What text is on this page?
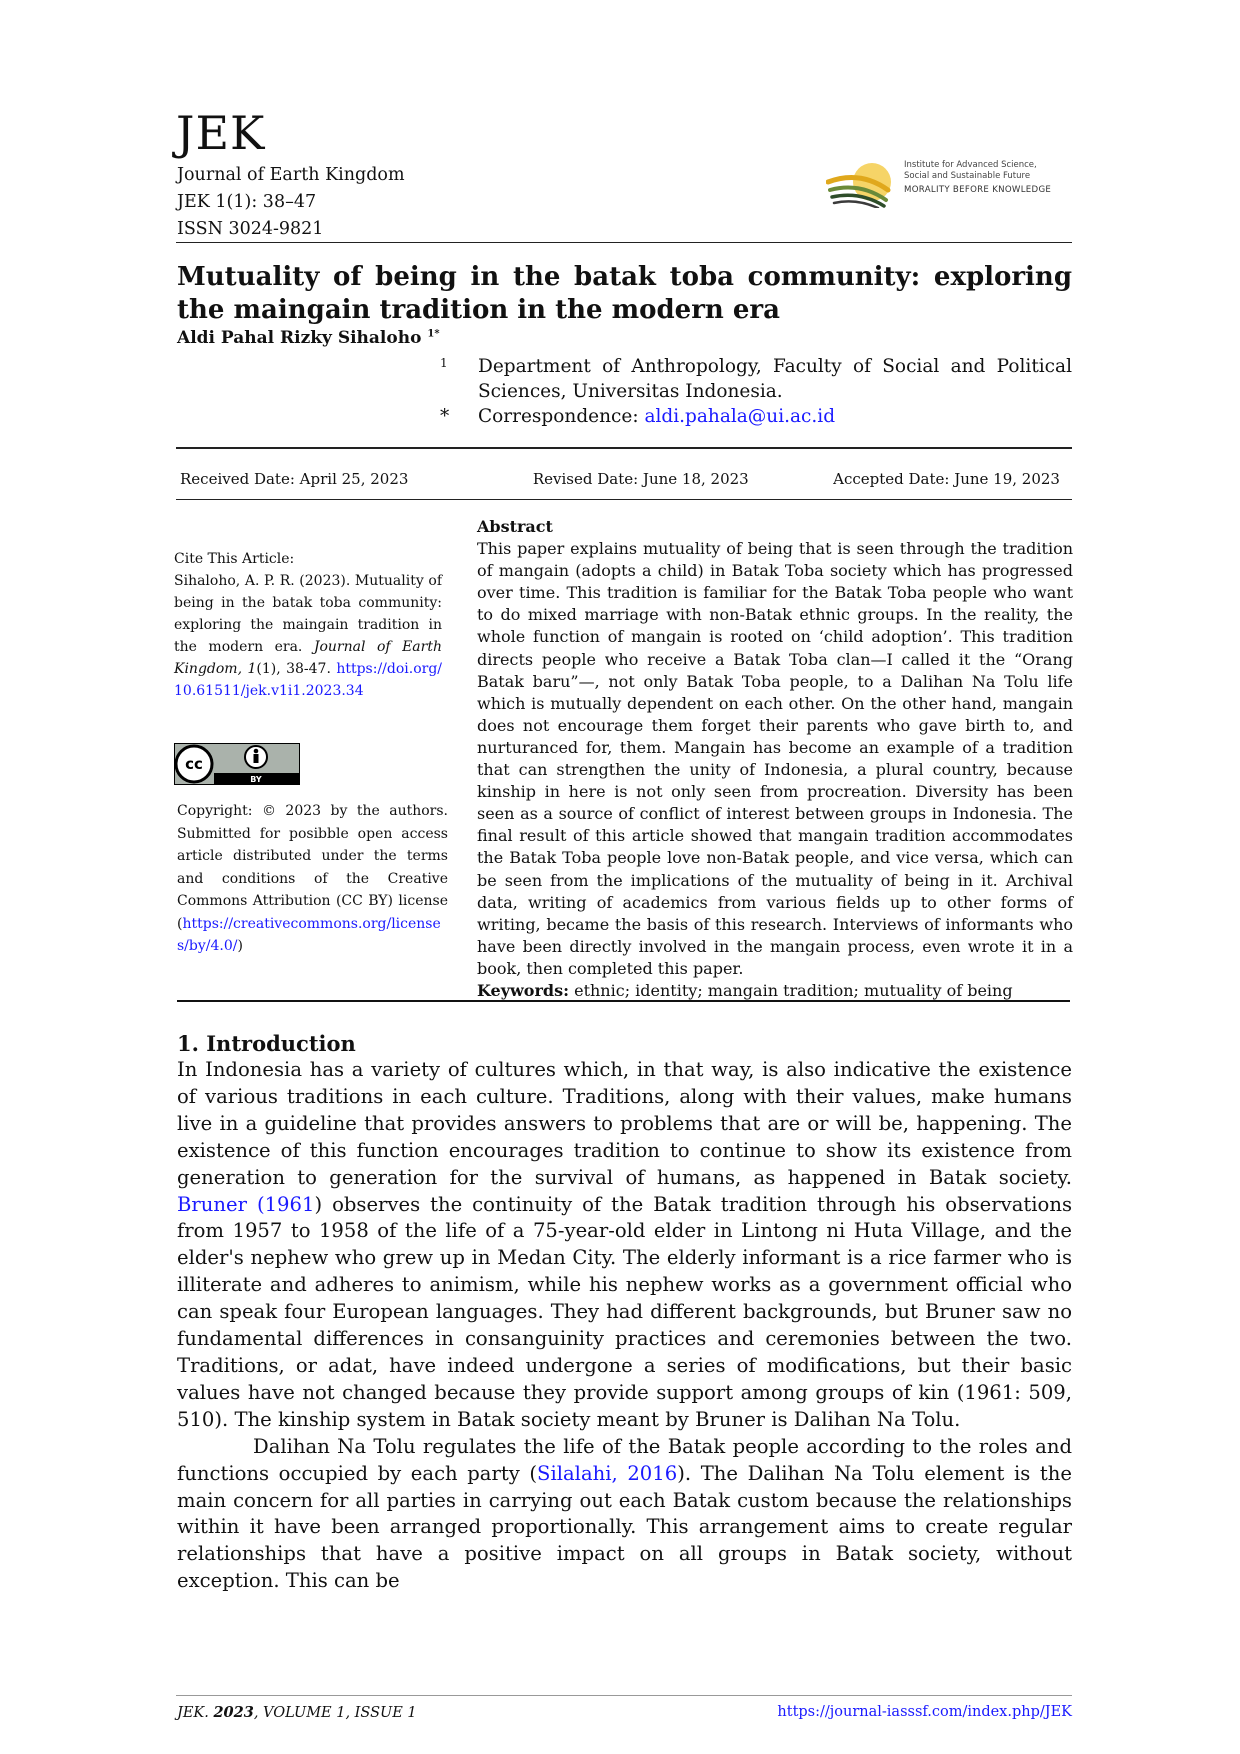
JEK
Journal of Earth Kingdom
JEK 1(1): 38–47
ISSN 3024-9821
Institute for Advanced Science,
Social and Sustainable Future
MORALITY BEFORE KNOWLEDGE
Mutuality of being in the batak toba community: exploring the maingain tradition in the modern era
Aldi Pahal Rizky Sihaloho $^{1*}$
1	Department of Anthropology, Faculty of Social and Political Sciences, Universitas Indonesia.
*	Correspondence: aldi.pahala@ui.ac.id
Received Date: April 25, 2023	Revised Date: June 18, 2023	Accepted Date: June 19, 2023
Cite This Article:
Sihaloho, A. P. R. (2023). Mutuality of being in the batak toba community: exploring the maingain tradition in the modern era. Journal of Earth Kingdom, 1(1), 38-47. https://doi.org/10.61511/jek.v1i1.2023.34
cc
BY
Copyright: © 2023 by the authors. Submitted for posibble open access article distributed under the terms and conditions of the Creative Commons Attribution (CC BY) license (https://creativecommons.org/licenses/by/4.0/)
Abstract
This paper explains mutuality of being that is seen through the tradition of mangain (adopts a child) in Batak Toba society which has progressed over time. This tradition is familiar for the Batak Toba people who want to do mixed marriage with non-Batak ethnic groups. In the reality, the whole function of mangain is rooted on ‘child adoption’. This tradition directs people who receive a Batak Toba clan—I called it the “Orang Batak baru”—, not only Batak Toba people, to a Dalihan Na Tolu life which is mutually dependent on each other. On the other hand, mangain does not encourage them forget their parents who gave birth to, and nurturanced for, them. Mangain has become an example of a tradition that can strengthen the unity of Indonesia, a plural country, because kinship in here is not only seen from procreation. Diversity has been seen as a source of conflict of interest between groups in Indonesia. The final result of this article showed that mangain tradition accommodates the Batak Toba people love non-Batak people, and vice versa, which can be seen from the implications of the mutuality of being in it. Archival data, writing of academics from various fields up to other forms of writing, became the basis of this research. Interviews of informants who have been directly involved in the mangain process, even wrote it in a book, then completed this paper.
Keywords: ethnic; identity; mangain tradition; mutuality of being
1. Introduction

In Indonesia has a variety of cultures which, in that way, is also indicative the existence of various traditions in each culture. Traditions, along with their values, make humans live in a guideline that provides answers to problems that are or will be, happening. The existence of this function encourages tradition to continue to show its existence from generation to generation for the survival of humans, as happened in Batak society. Bruner (1961) observes the continuity of the Batak tradition through his observations from 1957 to 1958 of the life of a 75-year-old elder in Lintong ni Huta Village, and the elder's nephew who grew up in Medan City. The elderly informant is a rice farmer who is illiterate and adheres to animism, while his nephew works as a government official who can speak four European languages. They had different backgrounds, but Bruner saw no fundamental differences in consanguinity practices and ceremonies between the two. Traditions, or adat, have indeed undergone a series of modifications, but their basic values have not changed because they provide support among groups of kin (1961: 509, 510). The kinship system in Batak society meant by Bruner is Dalihan Na Tolu.

Dalihan Na Tolu regulates the life of the Batak people according to the roles and functions occupied by each party (Silalahi, 2016). The Dalihan Na Tolu element is the main concern for all parties in carrying out each Batak custom because the relationships within it have been arranged proportionally. This arrangement aims to create regular relationships that have a positive impact on all groups in Batak society, without exception. This can be

JEK. 2023, VOLUME 1, ISSUE 1	https://journal-iasssf.com/index.php/JEK
